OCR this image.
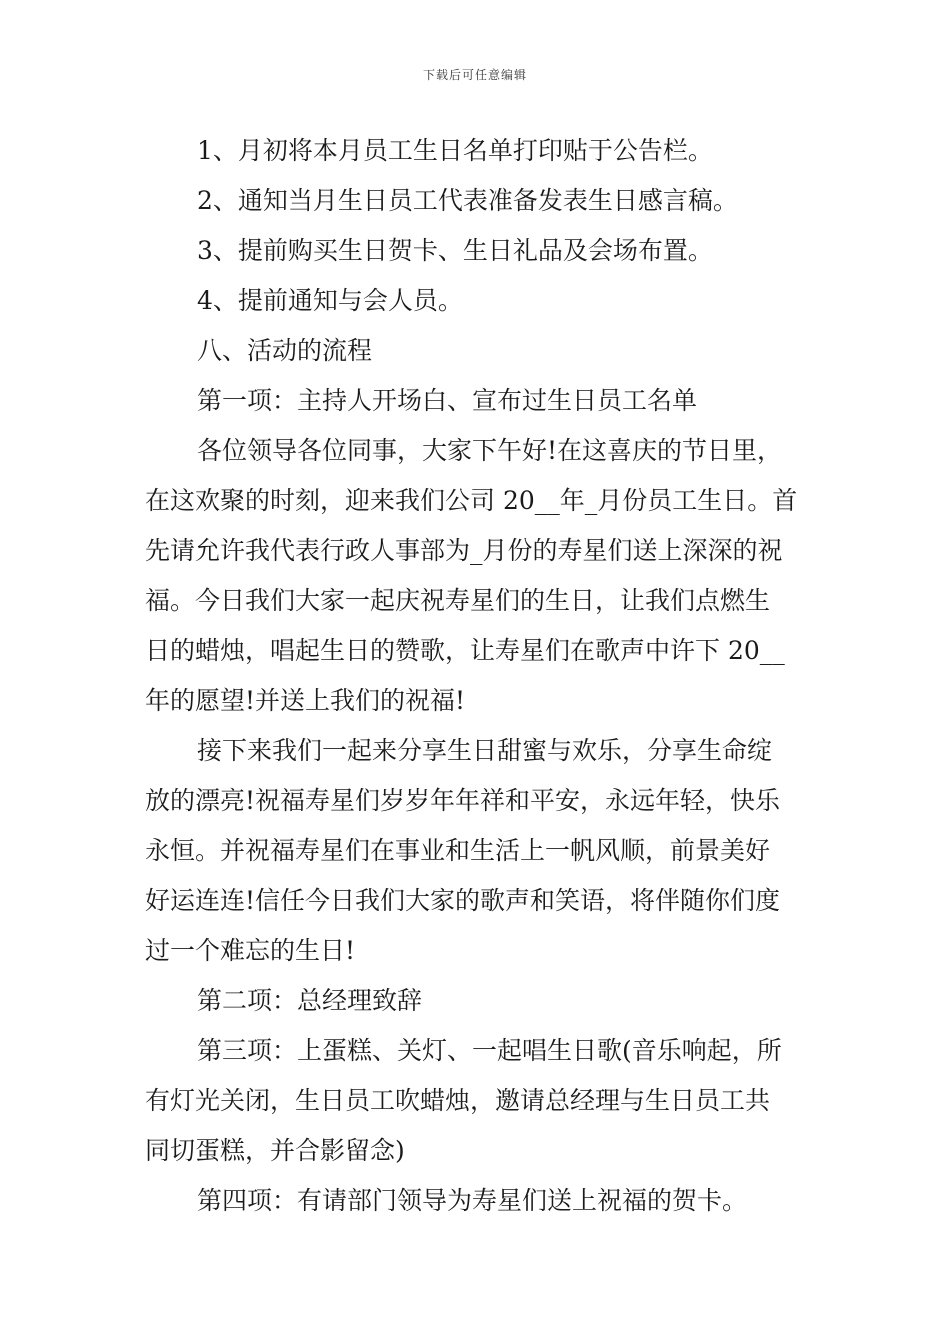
下载后可任意编辑
1、月初将本月员工生日名单打印贴于公告栏。
2、通知当月生日员工代表准备发表生日感言稿。
3、提前购买生日贺卡、生日礼品及会场布置。
4、提前通知与会人员。
八、活动的流程
第一项：主持人开场白、宣布过生日员工名单
各位领导各位同事，大家下午好!在这喜庆的节日里，
在这欢聚的时刻，迎来我们公司 20__年_月份员工生日。首
先请允许我代表行政人事部为_月份的寿星们送上深深的祝
福。今日我们大家一起庆祝寿星们的生日，让我们点燃生
日的蜡烛，唱起生日的赞歌，让寿星们在歌声中许下 20__
年的愿望!并送上我们的祝福!
接下来我们一起来分享生日甜蜜与欢乐，分享生命绽
放的漂亮!祝福寿星们岁岁年年祥和平安，永远年轻，快乐
永恒。并祝福寿星们在事业和生活上一帆风顺，前景美好
好运连连!信任今日我们大家的歌声和笑语，将伴随你们度
过一个难忘的生日!
第二项：总经理致辞
第三项：上蛋糕、关灯、一起唱生日歌(音乐响起，所
有灯光关闭，生日员工吹蜡烛，邀请总经理与生日员工共
同切蛋糕，并合影留念)
第四项：有请部门领导为寿星们送上祝福的贺卡。
